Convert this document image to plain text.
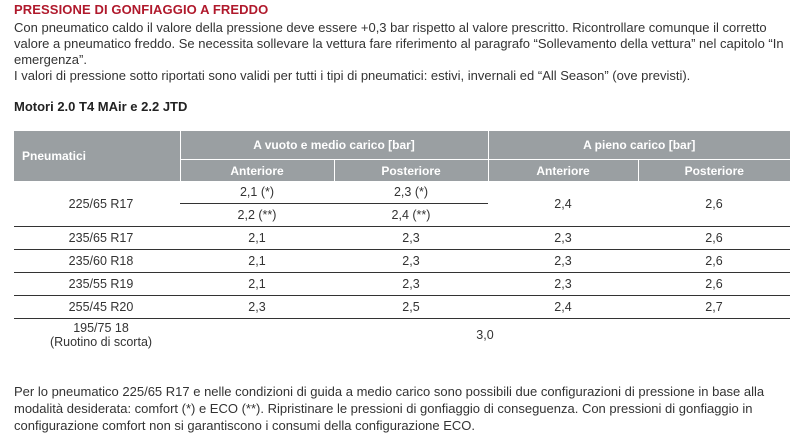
PRESSIONE DI GONFIAGGIO A FREDDO

Con pneumatico caldo il valore della pressione deve essere +0,3 bar rispetto al valore prescritto. Ricontrollare comunque il corretto valore a pneumatico freddo. Se necessita sollevare la vettura fare riferimento al paragrafo “Sollevamento della vettura” nel capitolo “In emergenza”.

I valori di pressione sotto riportati sono validi per tutti i tipi di pneumatici: estivi, invernali ed “All Season” (ove previsti).

Motori 2.0 T4 MAir e 2.2 JTD
Pneumatici	A vuoto e medio carico [bar]		A pieno carico [bar]	
	Anteriore	Posteriore	Anteriore	Posteriore
225/65 R17	2,1 (*)	2,3 (*)	2,4	2,6
	2,2 (**)	2,4 (**)		
235/65 R17	2,1	2,3	2,3	2,6
235/60 R18	2,1	2,3	2,3	2,6
235/55 R19	2,1	2,3	2,3	2,6
255/45 R20	2,3	2,5	2,4	2,7

195/75 18
(Ruotino di scorta)	3,0			

Per lo pneumatico 225/65 R17 e nelle condizioni di guida a medio carico sono possibili due configurazioni di pressione in base alla modalità desiderata: comfort (*) e ECO (**). Ripristinare le pressioni di gonfiaggio di conseguenza. Con pressioni di gonfiaggio in configurazione comfort non si garantiscono i consumi della configurazione ECO.
